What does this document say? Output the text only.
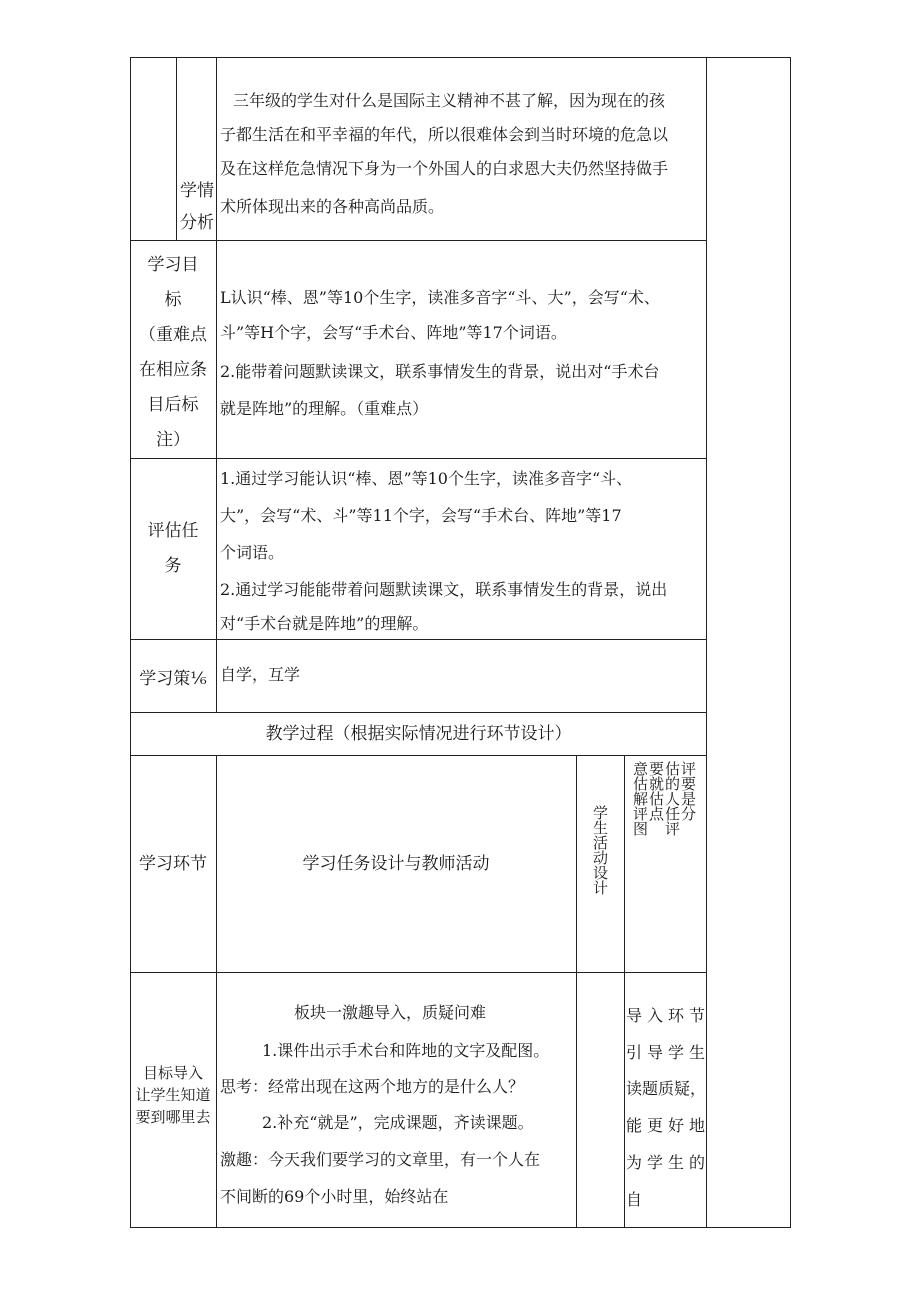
学情
分析
三年级的学生对什么是国际主义精神不甚了解，因为现在的孩
子都生活在和平幸福的年代，所以很难体会到当时环境的危急以
及在这样危急情况下身为一个外国人的白求恩大夫仍然坚持做手
术所体现出来的各种高尚品质。
学习目
标
（重难点
在相应条
目后标
注）
L认识“棒、恩”等10个生字，读准多音字“斗、大”，会写“术、
斗”等H个字，会写“手术台、阵地”等17个词语。
2.能带着问题默读课文，联系事情发生的背景，说出对“手术台
就是阵地”的理解。（重难点）
评估任
务
1.通过学习能认识“棒、恩”等10个生字，读准多音字“斗、
大”，会写“术、斗”等11个字，会写“手术台、阵地”等17
个词语。
2.通过学习能能带着问题默读课文，联系事情发生的背景，说出
对“手术台就是阵地”的理解。
学习策⅙ 自学，互学
教学过程（根据实际情况进行环节设计）
学习环节	学习任务设计与教师活动	学生活动设计
评要是分
估的人任评
要就估点
意估解评图
目标导入
让学生知道
要到哪里去
板块一激趣导入，质疑问难
1.课件出示手术台和阵地的文字及配图。
思考：经常出现在这两个地方的是什么人？
2.补充“就是”，完成课题，齐读课题。
激趣：今天我们要学习的文章里，有一个人在
不间断的69个小时里，始终站在
导入环节
引导学生
读题质疑，
能更好地
为学生的
自
